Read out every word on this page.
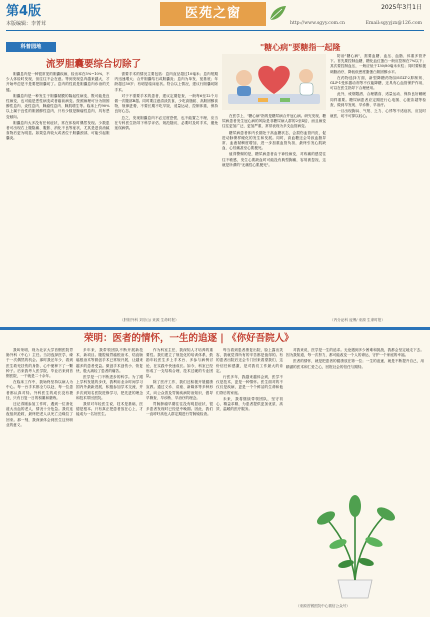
第4版
本版编辑：李菁茸
医苑之窗
http://www.sgyy.com.cn
2025年3月1日
Email:sgyyjzx@126.com
科普园地
流罗胆囊要综合切除了

胆囊息肉是一种很常见的胆囊疾病，检出率在5%~10%，不少人体检时发现，但往往不会在意。等到发现息肉越来越大，才开始考虑是不是要把胆囊切了。息肉的性质是胆囊息肉诊治的关键。

胆囊息肉是一种发生于胆囊黏膜的隆起性病变，既可能是良性病变，也可能是恶性病变或者癌前病变。按照病理可分为胆固醇性息肉、炎性息肉、腺瘤性息肉、腺肌增生等。临床上约90%以上属于良性的胆固醇性息肉，只有少数是腺瘤性息肉，具有恶变倾向。

胆囊息肉大多没有任何症状，常在体检时偶然发现。少数患者可出现右上腹隐痛、腹胀、消化不良等症状，尤其是进食油腻食物后更为明显。如果息肉较大或者位于胆囊颈部，可能引起胆囊炎。

需要手术的情况主要包括：息肉直径超过10毫米；息肉短期内迅速增大；合并胆囊结石或胆囊炎；息肉为单发、宽基底；年龄超过50岁；有明显临床症状。符合以上情况，建议行胆囊切除手术。

对于不需要手术的患者，建议定期复查，一般每6至12个月做一次腹部B超。同时要注意清淡饮食，少吃高脂肪、高胆固醇食物，规律进餐，不要长期不吃早饭，适量运动，控制体重，保持良好心态。

总之，发现胆囊息肉不必过度恐慌，也不能置之不理，应当在专科医生指导下科学评估、规范随访，必要时及时手术，避免延误病情。

（肝胆外科 刘宗山/ 来源 生命时报）
"糖心病"要糖指一起隆

在医学上，"糖心病"指的是糖尿病合并冠心病。研究发现，糖尿病患者发生冠心病的风险是非糖尿病人群的2至4倍，而且病变往往更加广泛、更加严重，常常表现为多支血管病变。

糖尿病患者体内长期处于高血糖状态，会损伤血管内皮，促进动脉粥样硬化的发生和发展。同时，高血糖还会导致血脂异常、血液黏稠度增加，进一步加重血管负担，最终引发心肌缺血、心绞痛甚至心肌梗死。

值得警惕的是，糖尿病患者由于神经病变，对疼痛的感觉往往不敏感，发生心肌缺血时可能没有典型胸痛，容易被忽视，这就是所谓的"无痛性心肌梗死"。

防治"糖心病"，需要血糖、血压、血脂、体重多管齐下。首先要控制血糖，糖化血红蛋白一般应控制在7%以下；其次要控制血压，一般应低于130/80毫米汞柱；同时要积极调脂治疗，降低低密度脂蛋白胆固醇水平。

在药物选择方面，新型降糖药物如SGLT-2抑制剂、GLP-1受体激动剂等不仅能降糖，还具有心血管保护作用，可以在医生指导下合理使用。

此外，戒烟限酒、合理膳食、适量运动、保持良好睡眠同样重要。糖尿病患者应定期进行心电图、心脏彩超等检查，做到早发现、早诊断、早治疗。

一旦出现胸闷、气短、乏力、心悸等不适症状，应及时就医，切不可掉以轻心。

（内分泌科 庞傅/ 来源 生命时报）
荣明：医者的情怀，一生的追逐 | 《你好吾院人》

我叫荣明，现为北京大学首钢医院胃肠外科（中心）主任。当初选择医学，缘于一次偶然的机会。那时我还年少，看到医生救死扶伤的身影，心中便种下了一颗种子。后来我考入医学院，毕业后来到首钢医院，一干就是二十余年。

在临床工作中，我始终坚持以病人为中心。每一台手术都全力以赴，每一位患者都认真对待。外科医生的成长没有捷径，只有日复一日的积累和磨炼。

还记得刚参加工作时，遇到一位消化道大出血的老人，情况十分危急。我们连夜组织抢救，最终把老人从死亡边缘拉了回来。那一刻，我深深体会到医生这份职业的意义。

多年来，我带领团队不断开展新技术、新项目。腹腔镜胃癌根治术、结直肠癌根治术等微创手术已常规开展，让越来越多的患者受益。微创手术创伤小、恢复快，极大减轻了患者的痛苦。

医学是一门不断进步的科学。为了跟上学科发展的步伐，我利用业余时间学习国内外最新进展，积极参加学术交流，并多次到知名医院进修学习，把先进的理念和技术带回医院。

我常对年轻医生说，技术是基础，医德是根本。只有真正把患者放在心上，才能成为一名好医生。

作为科室主任，我深知人才培养的重要性。我们建立了规范化的培训体系，鼓励年轻医生多上手术台、多参与病例讨论，在实践中快速成长。如今，科室已经形成了一支结构合理、技术过硬的专业团队。

除了医疗工作，我们还积极开展健康宣教。通过义诊、讲座、新媒体等多种形式，向公众普及胃肠疾病防治知识，倡导早筛查、早诊断、早治疗的理念。

胃肠肿瘤早期往往没有明显症状，很多患者发现时已经是中晚期。因此，我们一直呼吁高危人群定期进行胃肠镜检查。

每当看到患者康复出院，脸上露出笑容，我就觉得所有的辛苦都是值得的。有的患者出院后还会专门回来看望我们，这份信任和感激，是对我们工作最大的肯定。

行医多年，我越来越体会到，医学不仅是技术，更是一种情怀。医生面对的不仅仅是疾病，更是一个个鲜活的生命和他们背后的家庭。

未来，我将继续带领团队，坚守初心，精益求精，为患者提供更加优质、高效、温暖的医疗服务。

对我来说，医学是一生的追求。无论遇到多少困难和挑战，我都会坚定地走下去。因为我知道，每一次努力，都可能改变一个人的命运，守护一个家庭的幸福。

医者的情怀，就是把患者的健康放在第一位；一生的追逐，就是不断提升自己，用精湛的医术和仁爱之心，回报社会的信任与期待。

（来源首钢医院中心微信公众号）
